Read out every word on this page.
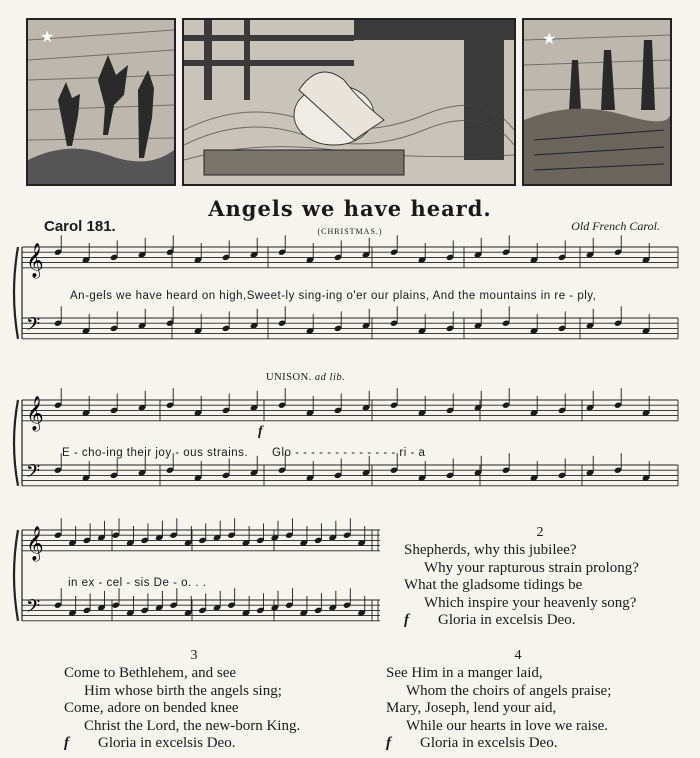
★	★
Angels we have heard.
Carol 181.	(CHRISTMAS.)	Old French Carol.
𝄞
𝄢
𝄞
𝄢
𝄞
𝄢
An-gels we have heard on high,Sweet-ly sing-ing o'er our plains, And the mountains in re - ply,
UNISON. ad lib.
E - cho-ing their joy - ous strains. Glo - - - - - - - - - - - - - ri - a
in ex - cel - sis De - o. . .
f
2
Shepherds, why this jubilee?
Why your rapturous strain prolong?
What the gladsome tidings be
Which inspire your heavenly song?
f Gloria in excelsis Deo.
3
Come to Bethlehem, and see
Him whose birth the angels sing;
Come, adore on bended knee
Christ the Lord, the new-born King.
f Gloria in excelsis Deo.
4
See Him in a manger laid,
Whom the choirs of angels praise;
Mary, Joseph, lend your aid,
While our hearts in love we raise.
f Gloria in excelsis Deo.
